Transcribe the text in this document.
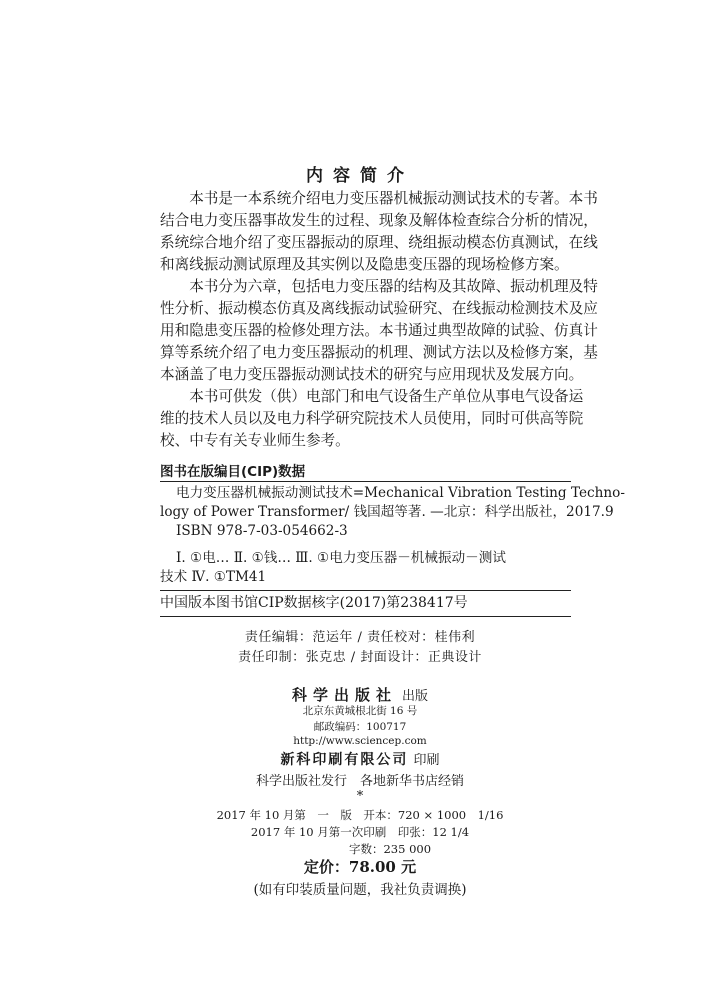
内容简介

　　本书是一本系统介绍电力变压器机械振动测试技术的专著。本书

结合电力变压器事故发生的过程、现象及解体检查综合分析的情况，

系统综合地介绍了变压器振动的原理、绕组振动模态仿真测试，在线

和离线振动测试原理及其实例以及隐患变压器的现场检修方案。

　　本书分为六章，包括电力变压器的结构及其故障、振动机理及特

性分析、振动模态仿真及离线振动试验研究、在线振动检测技术及应

用和隐患变压器的检修处理方法。本书通过典型故障的试验、仿真计

算等系统介绍了电力变压器振动的机理、测试方法以及检修方案，基

本涵盖了电力变压器振动测试技术的研究与应用现状及发展方向。

　　本书可供发（供）电部门和电气设备生产单位从事电气设备运

维的技术人员以及电力科学研究院技术人员使用，同时可供高等院

校、中专有关专业师生参考。

图书在版编目(CIP)数据
电力变压器机械振动测试技术=Mechanical Vibration Testing Techno-
logy of Power Transformer/ 钱国超等著. —北京：科学出版社，2017.9
ISBN 978-7-03-054662-3
Ⅰ. ①电… Ⅱ. ①钱… Ⅲ. ①电力变压器－机械振动－测试
技术 Ⅳ. ①TM41
中国版本图书馆CIP数据核字(2017)第238417号
责任编辑：范运年 / 责任校对：桂伟利
责任印制：张克忠 / 封面设计：正典设计
科学出版社 出版
北京东黄城根北街 16 号
邮政编码：100717
http://www.sciencep.com
新科印刷有限公司 印刷
科学出版社发行　各地新华书店经销
*
2017 年 10 月第　一　版　开本：720 × 1000　1/16
2017 年 10 月第一次印刷　印张：12 1/4
字数：235 000
定价：78.00 元
(如有印装质量问题，我社负责调换)
